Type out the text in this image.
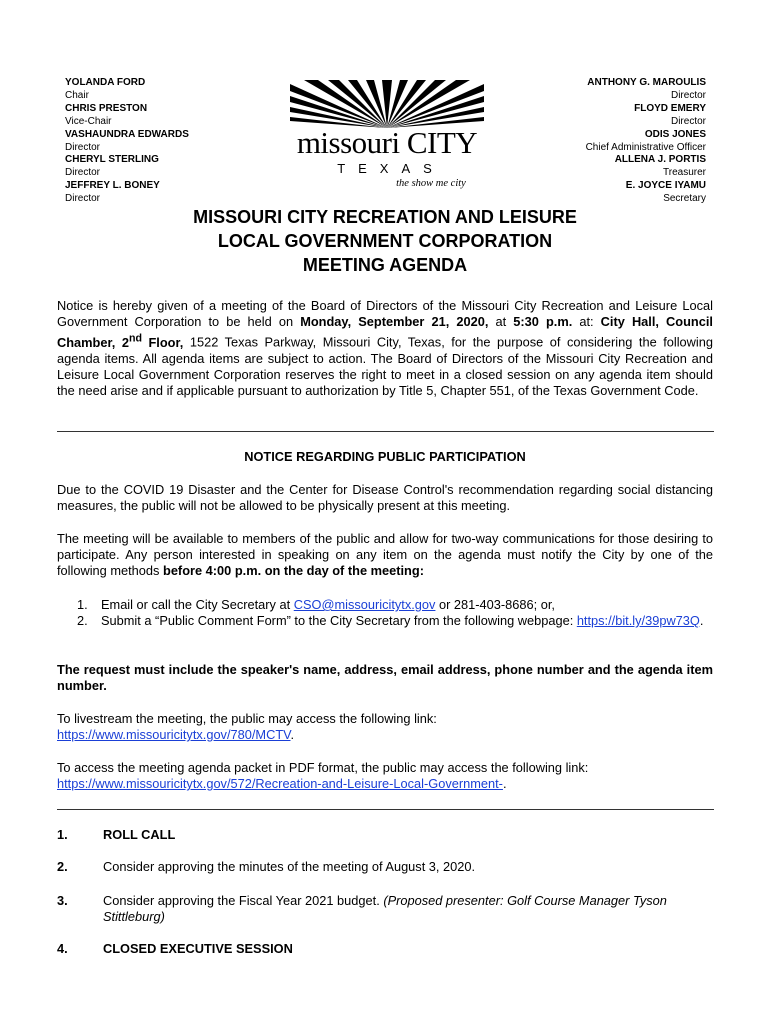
YOLANDA FORD
Chair
CHRIS PRESTON
Vice-Chair
VASHAUNDRA EDWARDS
Director
CHERYL STERLING
Director
JEFFREY L. BONEY
Director
ANTHONY G. MAROULIS
Director
FLOYD EMERY
Director
ODIS JONES
Chief Administrative Officer
ALLENA J. PORTIS
Treasurer
E. JOYCE IYAMU
Secretary
missouri CITY
TEXAS
the show me city
MISSOURI CITY RECREATION AND LEISURE
LOCAL GOVERNMENT CORPORATION
MEETING AGENDA
Notice is hereby given of a meeting of the Board of Directors of the Missouri City Recreation and Leisure Local Government Corporation to be held on Monday, September 21, 2020, at 5:30 p.m. at: City Hall, Council Chamber, 2nd Floor, 1522 Texas Parkway, Missouri City, Texas, for the purpose of considering the following agenda items. All agenda items are subject to action. The Board of Directors of the Missouri City Recreation and Leisure Local Government Corporation reserves the right to meet in a closed session on any agenda item should the need arise and if applicable pursuant to authorization by Title 5, Chapter 551, of the Texas Government Code.
NOTICE REGARDING PUBLIC PARTICIPATION
Due to the COVID 19 Disaster and the Center for Disease Control's recommendation regarding social distancing measures, the public will not be allowed to be physically present at this meeting.
The meeting will be available to members of the public and allow for two-way communications for those desiring to participate. Any person interested in speaking on any item on the agenda must notify the City by one of the following methods before 4:00 p.m. on the day of the meeting:
1. Email or call the City Secretary at CSO@missouricitytx.gov or 281-403-8686; or,
2. Submit a “Public Comment Form” to the City Secretary from the following webpage: https://bit.ly/39pw73Q.
The request must include the speaker's name, address, email address, phone number and the agenda item number.
To livestream the meeting, the public may access the following link:
https://www.missouricitytx.gov/780/MCTV.
To access the meeting agenda packet in PDF format, the public may access the following link:
https://www.missouricitytx.gov/572/Recreation-and-Leisure-Local-Government-.
1.	ROLL CALL
2.	Consider approving the minutes of the meeting of August 3, 2020.
3.	Consider approving the Fiscal Year 2021 budget. (Proposed presenter: Golf Course Manager Tyson Stittleburg)
4.	CLOSED EXECUTIVE SESSION
